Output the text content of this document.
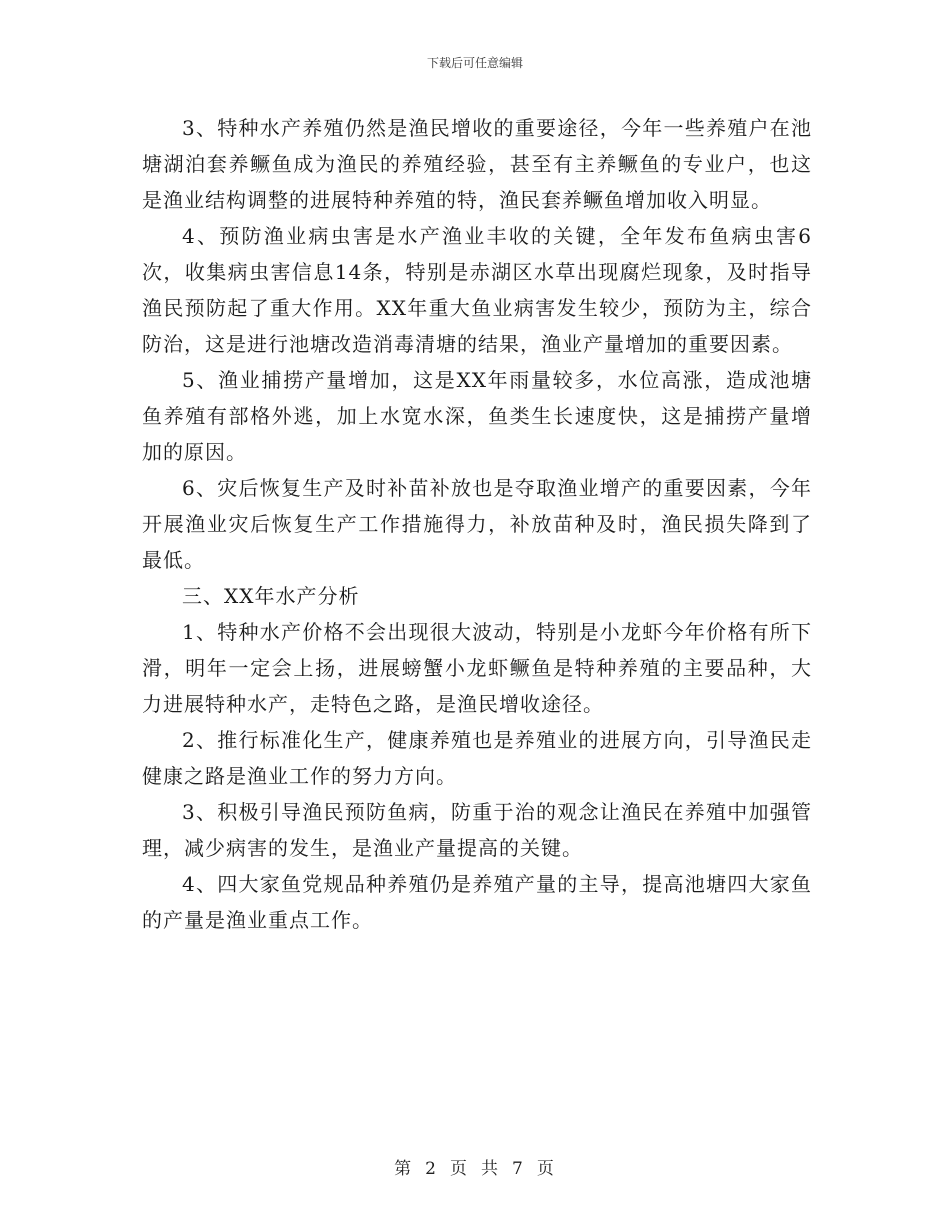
下载后可任意编辑

3、特种水产养殖仍然是渔民增收的重要途径，今年一些养殖户在池塘湖泊套养鳜鱼成为渔民的养殖经验，甚至有主养鳜鱼的专业户，也这是渔业结构调整的进展特种养殖的特，渔民套养鳜鱼增加收入明显。

4、预防渔业病虫害是水产渔业丰收的关键，全年发布鱼病虫害6次，收集病虫害信息14条，特别是赤湖区水草出现腐烂现象，及时指导渔民预防起了重大作用。XX年重大鱼业病害发生较少，预防为主，综合防治，这是进行池塘改造消毒清塘的结果，渔业产量增加的重要因素。

5、渔业捕捞产量增加，这是XX年雨量较多，水位高涨，造成池塘鱼养殖有部格外逃，加上水宽水深，鱼类生长速度快，这是捕捞产量增加的原因。

6、灾后恢复生产及时补苗补放也是夺取渔业增产的重要因素，今年开展渔业灾后恢复生产工作措施得力，补放苗种及时，渔民损失降到了最低。

三、XX年水产分析

1、特种水产价格不会出现很大波动，特别是小龙虾今年价格有所下滑，明年一定会上扬，进展螃蟹小龙虾鳜鱼是特种养殖的主要品种，大力进展特种水产，走特色之路，是渔民增收途径。

2、推行标准化生产，健康养殖也是养殖业的进展方向，引导渔民走健康之路是渔业工作的努力方向。

3、积极引导渔民预防鱼病，防重于治的观念让渔民在养殖中加强管理，减少病害的发生，是渔业产量提高的关键。

4、四大家鱼党规品种养殖仍是养殖产量的主导，提高池塘四大家鱼的产量是渔业重点工作。

第 2 页 共 7 页
